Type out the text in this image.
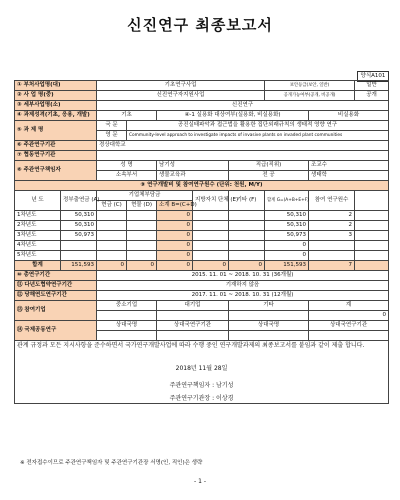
신진연구 최종보고서
양식A101
① 부처사업명(대)		기초연구사업					보안등급(보안, 일반)		일반
② 사 업 명(중)		신진연구자지원사업					공개가능여부(공개, 비공개)		공개
③ 세부사업명(소)		신진연구							
④ 과제성격(기초, 응용, 개발)		기초		④-1 실용화 대상여부(실용화, 비실용화)				비실용화	
⑤ 과 제 명		국 문	공진실태파악과 접근법을 활용한 집단외래규칙의 생태적 영향 연구						
		영 문	Community-level approach to investigate impacts of invasive plants on invaded plant communities						
⑥ 주관연구기관		경상대학교							
⑦ 협동연구기관									
⑧ 주관연구책임자		성 명		남기성		직급(직위)		조교수	
		소속부서		생물교육과		전 공		생태학	
⑨ 연구개발비 및 참여연구원수 (단위: 천원, M/Y)									
년 도	정부출연금 (A)	기업체부담금			지방자치 단체 (E)	기타 (F)	합계 G=(A+B+E+F)	참여 연구원수	
		현금 (C)	현물 (D)	소계 B=(C+D)					
1차년도	50,310			0			50,310	2	
2차년도	50,310			0			50,310	2	
3차년도	50,973			0			50,973	3	
4차년도				0			0		
5차년도				0			0		
합계	151,593	0	0	0	0	0	151,593	7	
⑩ 총연구기간		2015. 11. 01 ~ 2018. 10. 31 (36개월)							
⑪ 다년도협약연구기간		기재하지 않음							
⑫ 당해연도연구기간		2017. 11. 01 ~ 2018. 10. 31 (12개월)							
⑬ 참여기업		중소기업		대기업		기타		계	
								0	
⑭ 국제공동연구		상대국명		상대국연구기관		상대국명		상대국연구기관	

관계 규정과 모든 지시사항을 준수하면서 국가연구개발사업에 따라 수행 중인 연구개발과제의 최종보고서를 붙임과 같이 제출 합니다.
2018년 11월 28일
주관연구책임자 : 남기성
주관연구기관장 : 이상경									
※ 전자접수이므로 주관연구책임자 및 주관연구기관장 서명(인, 직인)은 생략
- 1 -
